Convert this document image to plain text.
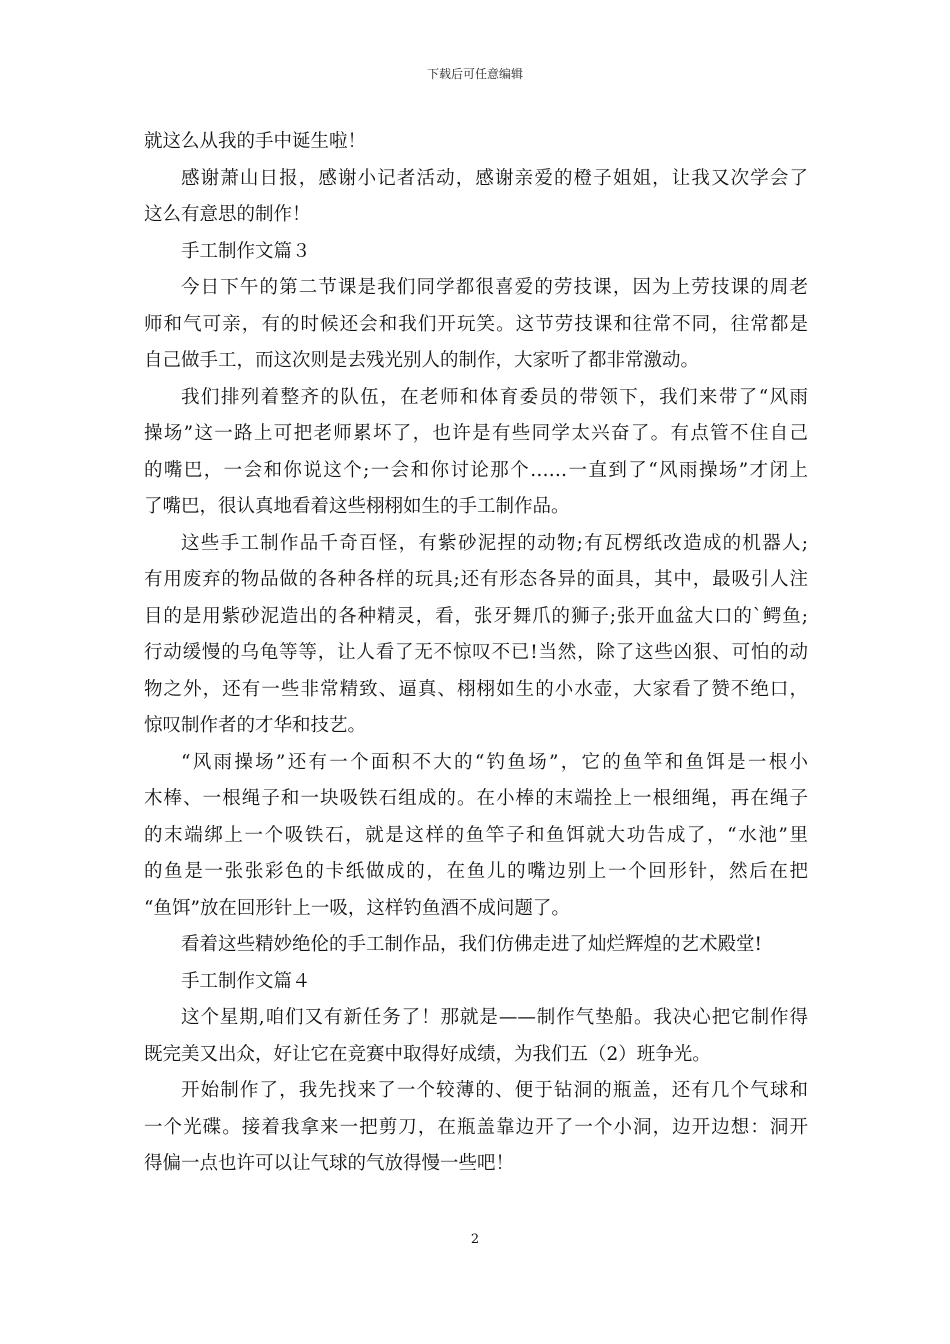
下载后可任意编辑
就这么从我的手中诞生啦！
感谢萧山日报，感谢小记者活动，感谢亲爱的橙子姐姐，让我又次学会了
这么有意思的制作！
手工制作文篇３
今日下午的第二节课是我们同学都很喜爱的劳技课，因为上劳技课的周老
师和气可亲，有的时候还会和我们开玩笑。这节劳技课和往常不同，往常都是
自己做手工，而这次则是去残光别人的制作，大家听了都非常激动。
我们排列着整齐的队伍，在老师和体育委员的带领下，我们来带了“风雨
操场”这一路上可把老师累坏了，也许是有些同学太兴奋了。有点管不住自己
的嘴巴，一会和你说这个;一会和你讨论那个……一直到了“风雨操场”才闭上
了嘴巴，很认真地看着这些栩栩如生的手工制作品。
这些手工制作品千奇百怪，有紫砂泥捏的动物;有瓦楞纸改造成的机器人;
有用废弃的物品做的各种各样的玩具;还有形态各异的面具，其中，最吸引人注
目的是用紫砂泥造出的各种精灵，看，张牙舞爪的狮子;张开血盆大口的`鳄鱼;
行动缓慢的乌龟等等，让人看了无不惊叹不已!当然，除了这些凶狠、可怕的动
物之外，还有一些非常精致、逼真、栩栩如生的小水壶，大家看了赞不绝口，
惊叹制作者的才华和技艺。
“风雨操场”还有一个面积不大的“钓鱼场”，它的鱼竿和鱼饵是一根小
木棒、一根绳子和一块吸铁石组成的。在小棒的末端拴上一根细绳，再在绳子
的末端绑上一个吸铁石，就是这样的鱼竿子和鱼饵就大功告成了，“水池”里
的鱼是一张张彩色的卡纸做成的，在鱼儿的嘴边别上一个回形针，然后在把
“鱼饵”放在回形针上一吸，这样钓鱼酒不成问题了。
看着这些精妙绝伦的手工制作品，我们仿佛走进了灿烂辉煌的艺术殿堂!
手工制作文篇４
这个星期,咱们又有新任务了！那就是——制作气垫船。我决心把它制作得
既完美又出众，好让它在竞赛中取得好成绩，为我们五（2）班争光。
开始制作了，我先找来了一个较薄的、便于钻洞的瓶盖，还有几个气球和
一个光碟。接着我拿来一把剪刀，在瓶盖靠边开了一个小洞，边开边想：洞开
得偏一点也许可以让气球的气放得慢一些吧！
2
